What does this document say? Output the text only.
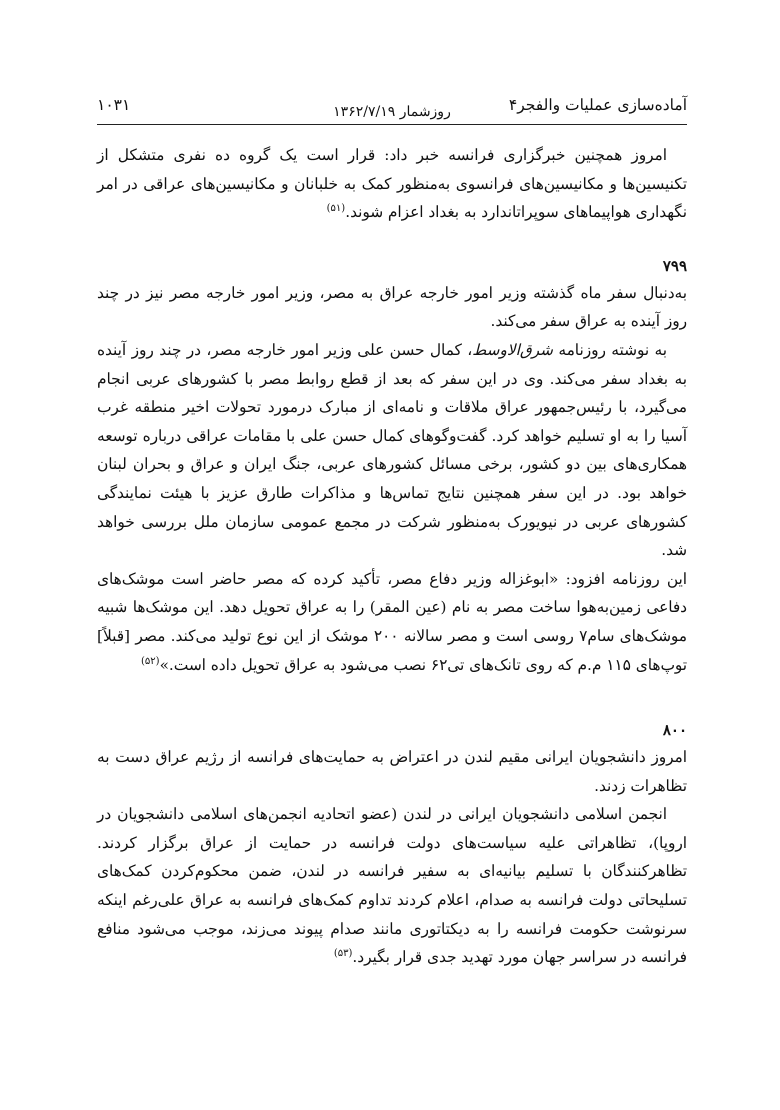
آماده‌سازی عملیات والفجر۴
روزشمار ۱۳۶۲/۷/۱۹
۱۰۳۱

امروز همچنین خبرگزاری فرانسه خبر داد: قرار است یک گروه ده نفری متشکل از تکنیسین‌ها و مکانیسین‌های فرانسوی به‌منظور کمک به خلبانان و مکانیسین‌های عراقی در امر نگهداری هواپیماهای سوپراتاندارد به بغداد اعزام شوند.$^{(۵۱)}$

۷۹۹

به‌دنبال سفر ماه گذشته وزیر امور خارجه عراق به مصر، وزیر امور خارجه مصر نیز در چند روز آینده به عراق سفر می‌کند.

به نوشته روزنامه شرق‌الاوسط، کمال حسن علی وزیر امور خارجه مصر، در چند روز آینده به بغداد سفر می‌کند. وی در این سفر که بعد از قطع روابط مصر با کشورهای عربی انجام می‌گیرد، با رئیس‌جمهور عراق ملاقات و نامه‌ای از مبارک درمورد تحولات اخیر منطقه غرب آسیا را به او تسلیم خواهد کرد. گفت‌وگوهای کمال حسن علی با مقامات عراقی درباره توسعه همکاری‌های بین دو کشور، برخی مسائل کشورهای عربی، جنگ ایران و عراق و بحران لبنان خواهد بود. در این سفر همچنین نتایج تماس‌ها و مذاکرات طارق عزیز با هیئت نمایندگی کشورهای عربی در نیویورک به‌منظور شرکت در مجمع عمومی سازمان ملل بررسی خواهد شد.

این روزنامه افزود: «ابوغزاله وزیر دفاع مصر، تأکید کرده که مصر حاضر است موشک‌های دفاعی زمین‌به‌هوا ساخت مصر به نام (عین المقر) را به عراق تحویل دهد. این موشک‌ها شبیه موشک‌های سام۷ روسی است و مصر سالانه ۲۰۰ موشک از این نوع تولید می‌کند. مصر [قبلاً] توپ‌های ۱۱۵ م.م که روی تانک‌های تی۶۲ نصب می‌شود به عراق تحویل داده است.»$^{(۵۲)}$

۸۰۰

امروز دانشجویان ایرانی مقیم لندن در اعتراض به حمایت‌های فرانسه از رژیم عراق دست به تظاهرات زدند.

انجمن اسلامی دانشجویان ایرانی در لندن (عضو اتحادیه انجمن‌های اسلامی دانشجویان در اروپا)، تظاهراتی علیه سیاست‌های دولت فرانسه در حمایت از عراق برگزار کردند. تظاهرکنندگان با تسلیم بیانیه‌ای به سفیر فرانسه در لندن، ضمن محکوم‌کردن کمک‌های تسلیحاتی دولت فرانسه به صدام، اعلام کردند تداوم کمک‌های فرانسه به عراق علی‌رغم اینکه سرنوشت حکومت فرانسه را به دیکتاتوری مانند صدام پیوند می‌زند، موجب می‌شود منافع فرانسه در سراسر جهان مورد تهدید جدی قرار بگیرد.$^{(۵۳)}$
